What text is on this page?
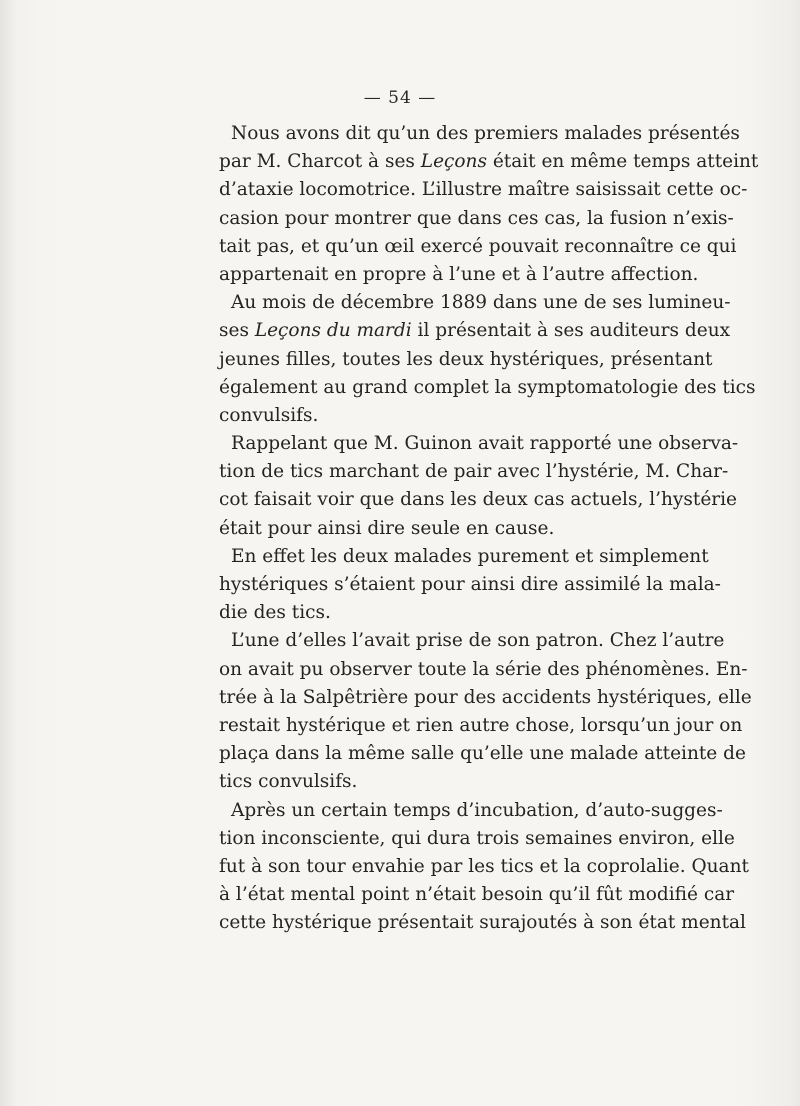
— 54 —
Nous avons dit qu’un des premiers malades présentés
par M. Charcot à ses Leçons était en même temps atteint
d’ataxie locomotrice. L’illustre maître saisissait cette oc-
casion pour montrer que dans ces cas, la fusion n’exis-
tait pas, et qu’un œil exercé pouvait reconnaître ce qui
appartenait en propre à l’une et à l’autre affection.
Au mois de décembre 1889 dans une de ses lumineu-
ses Leçons du mardi il présentait à ses auditeurs deux
jeunes filles, toutes les deux hystériques, présentant
également au grand complet la symptomatologie des tics
convulsifs.
Rappelant que M. Guinon avait rapporté une observa-
tion de tics marchant de pair avec l’hystérie, M. Char-
cot faisait voir que dans les deux cas actuels, l’hystérie
était pour ainsi dire seule en cause.
En effet les deux malades purement et simplement
hystériques s’étaient pour ainsi dire assimilé la mala-
die des tics.
L’une d’elles l’avait prise de son patron. Chez l’autre
on avait pu observer toute la série des phénomènes. En-
trée à la Salpêtrière pour des accidents hystériques, elle
restait hystérique et rien autre chose, lorsqu’un jour on
plaça dans la même salle qu’elle une malade atteinte de
tics convulsifs.
Après un certain temps d’incubation, d’auto-sugges-
tion inconsciente, qui dura trois semaines environ, elle
fut à son tour envahie par les tics et la coprolalie. Quant
à l’état mental point n’était besoin qu’il fût modifié car
cette hystérique présentait surajoutés à son état mental
